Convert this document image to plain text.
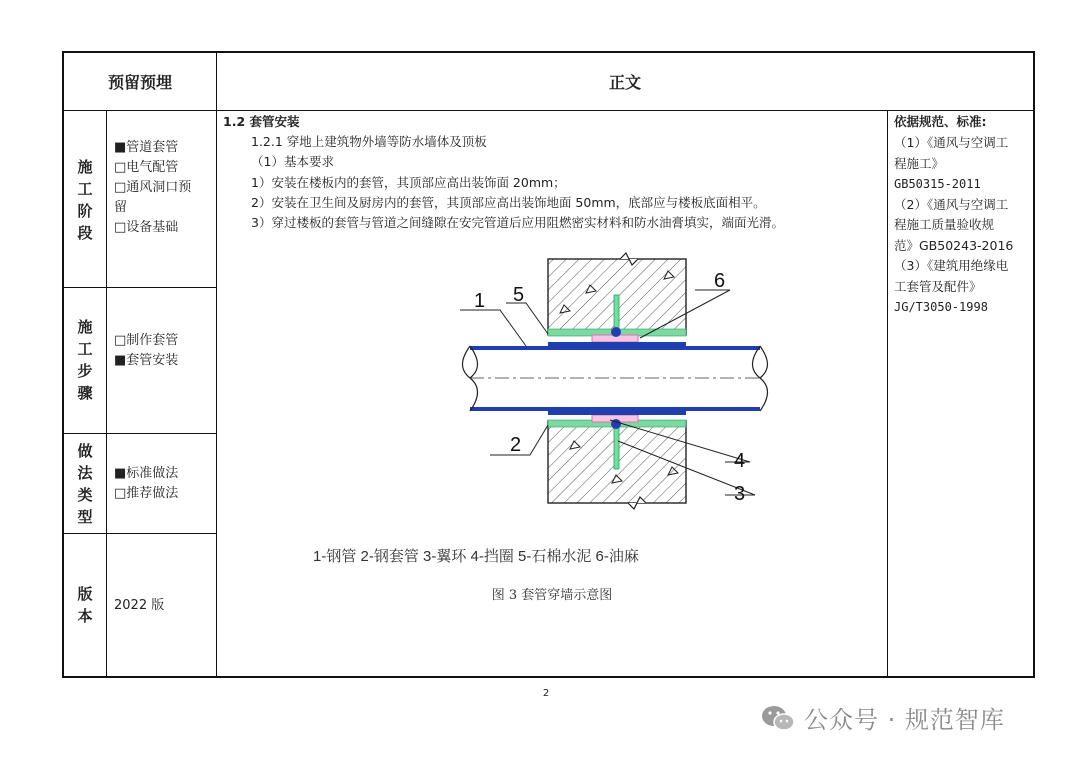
预留预埋	正文
施
工
阶
段
■管道套管
□电气配管
□通风洞口预
留
□设备基础
施
工
步
骤
□制作套管
■套管安装
做
法
类
型
■标准做法
□推荐做法
版
本
2022 版
1.2 套管安装
1.2.1 穿地上建筑物外墙等防水墙体及顶板
（1）基本要求
1）安装在楼板内的套管，其顶部应高出装饰面 20mm；
2）安装在卫生间及厨房内的套管，其顶部应高出装饰地面 50mm，底部应与楼板底面相平。
3）穿过楼板的套管与管道之间缝隙在安完管道后应用阻燃密实材料和防水油膏填实，端面光滑。
1 5
6
2
4
3
1-钢管 2-钢套管 3-翼环 4-挡圈 5-石棉水泥 6-油麻
图 3 套管穿墙示意图
依据规范、标准:
（1）《通风与空调工
程施工》
GB50315-2011
（2）《通风与空调工
程施工质量验收规
范》GB50243-2016
（3）《建筑用绝缘电
工套管及配件》
JG/T3050-1998
2
公众号 · 规范智库
